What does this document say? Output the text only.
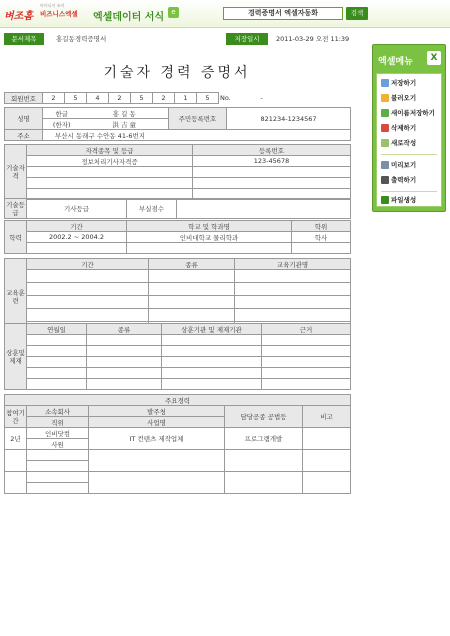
벼조홈
아이디어 조아
비즈니스엑셀	엑셀데이터 서식	e	경력증명서 엑셀자동화	검색
문서제목	홍길동경력증명서	저장일시	2011-03-29 오전 11:39
기술자 경력 증명서
회원번호	2	5	4	2	5	2	1	5	No.	-
성명	한글	홍 길 동	주민등록번호	821234-1234567
	(한자)	洪 吉 童		
주소	부산시 동래구 수안동 41-6번지			
기술자격	자격종목 및 등급	등록번호
	정보처리기사자격증	123-45678

기술등급	기사등급	부실점수	
학력	기간	학교 및 학과명	학위
	2002.2 ~ 2004.2	인비대학교 물리학과	학사

교육훈련	기간	종류	교육기관명

상훈및제재	연월일	종류	상훈기관 및 제재기관	근거

주요경력				
참여기간	소속회사	발주청	담당공종 공법등	비고
	직위	사업명		
2년	인비닷컴	IT 컨텐츠 제작업체	프로그램개발	
	사원			

엑셀메뉴	X
저장하기
불러오기
새이름저장하기
삭제하기
새로작성
미리보기
출력하기
파일생성
